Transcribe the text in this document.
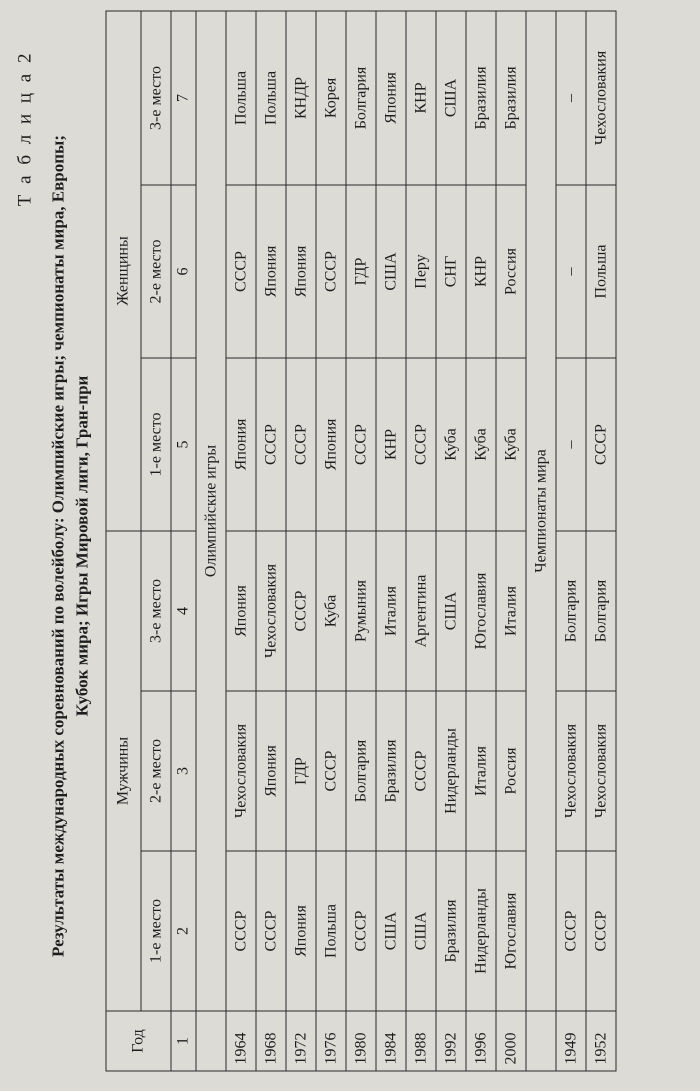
Т а б л и ц а 2
Результаты международных соревнований по волейболу: Олимпийские игры; чемпионаты мира, Европы; Кубок мира; Игры Мировой лиги, Гран-при
Год	Мужчины			Женщины		
	1-е место	2-е место	3-е место	1-е место	2-е место	3-е место
1	2	3	4	5	6	7
	Олимпийские игры					
1964	СССР	Чехословакия	Япония	Япония	СССР	Польша
1968	СССР	Япония	Чехословакия	СССР	Япония	Польша
1972	Япония	ГДР	СССР	СССР	Япония	КНДР
1976	Польша	СССР	Куба	Япония	СССР	Корея
1980	СССР	Болгария	Румыния	СССР	ГДР	Болгария
1984	США	Бразилия	Италия	КНР	США	Япония
1988	США	СССР	Аргентина	СССР	Перу	КНР
1992	Бразилия	Нидерланды	США	Куба	СНГ	США
1996	Нидерланды	Италия	Югославия	Куба	КНР	Бразилия
2000	Югославия	Россия	Италия	Куба	Россия	Бразилия
	Чемпионаты мира					
1949	СССР	Чехословакия	Болгария	–	–	–
1952	СССР	Чехословакия	Болгария	СССР	Польша	Чехословакия
